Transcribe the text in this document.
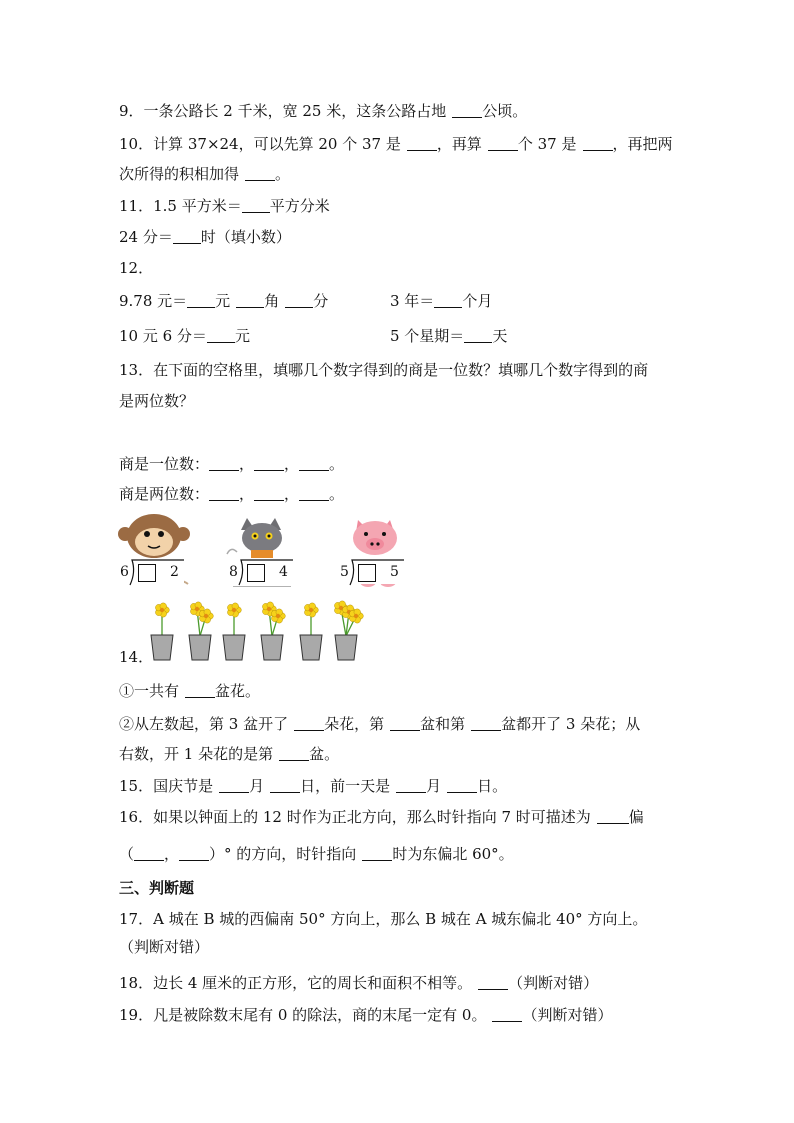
9．一条公路长 2 千米，宽 25 米，这条公路占地 公顷。
10．计算 37×24，可以先算 20 个 37 是 ，再算 个 37 是 ，再把两
次所得的积相加得 。
11．1.5 平方米＝ 平方分米
24 分＝ 时（填小数）
12．
9.78 元＝ 元 角 分	3 年＝ 个月
10 元 6 分＝ 元	5 个星期＝ 天
13．在下面的空格里，填哪几个数字得到的商是一位数？填哪几个数字得到的商
是两位数？
商是一位数： ， ， 。
商是两位数： ， ， 。
6	2	8	4	5	5
14．
①一共有 盆花。
②从左数起，第 3 盆开了 朵花，第 盆和第 盆都开了 3 朵花；从
右数，开 1 朵花的是第 盆。
15．国庆节是 月 日，前一天是 月 日。
16．如果以钟面上的 12 时作为正北方向，那么时针指向 7 时可描述为	偏
（ ， ）° 的方向，时针指向 时为东偏北 60°。
三、判断题
17．A 城在 B 城的西偏南 50° 方向上，那么 B 城在 A 城东偏北 40° 方向上。
（判断对错）
18．边长 4 厘米的正方形，它的周长和面积不相等。 （判断对错）
19．凡是被除数末尾有 0 的除法，商的末尾一定有 0。 （判断对错）
